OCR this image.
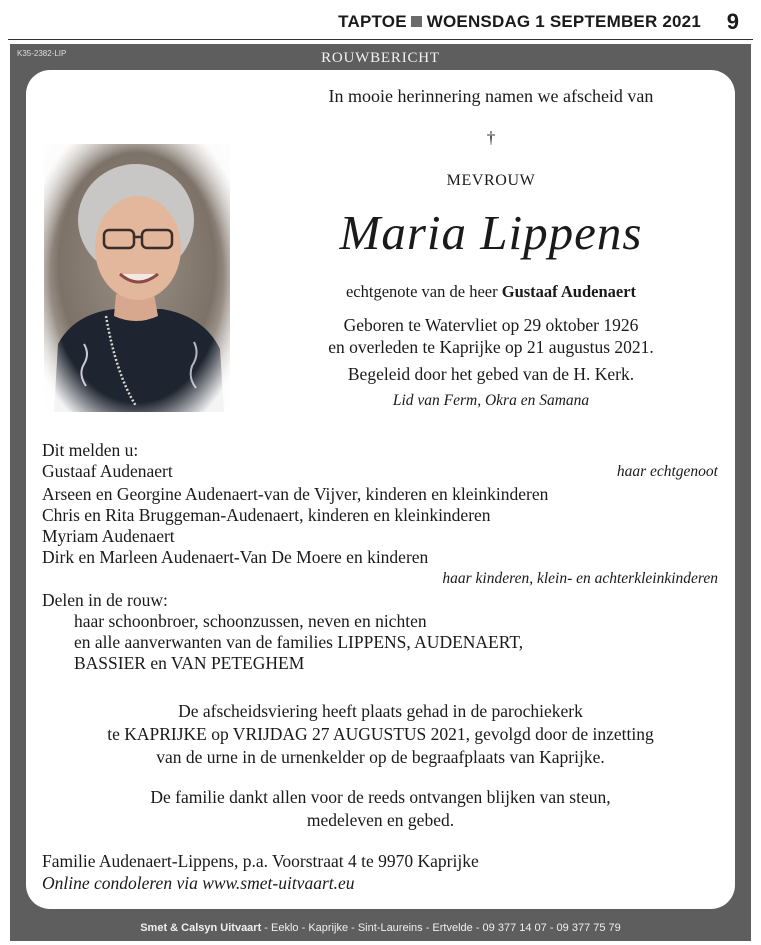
TAPTOE WOENSDAG 1 SEPTEMBER 2021 9
K35-2382-LIP	ROUWBERICHT
In mooie herinnering namen we afscheid van
†
MEVROUW
Maria Lippens
echtgenote van de heer Gustaaf Audenaert
Geboren te Watervliet op 29 oktober 1926
en overleden te Kaprijke op 21 augustus 2021.
Begeleid door het gebed van de H. Kerk.
Lid van Ferm, Okra en Samana
Dit melden u:
Gustaaf Audenaert	haar echtgenoot
Arseen en Georgine Audenaert-van de Vijver, kinderen en kleinkinderen
Chris en Rita Bruggeman-Audenaert, kinderen en kleinkinderen
Myriam Audenaert
Dirk en Marleen Audenaert-Van De Moere en kinderen
haar kinderen, klein- en achterkleinkinderen
Delen in de rouw:
haar schoonbroer, schoonzussen, neven en nichten
en alle aanverwanten van de families LIPPENS, AUDENAERT,
BASSIER en VAN PETEGHEM
De afscheidsviering heeft plaats gehad in de parochiekerk
te KAPRIJKE op VRIJDAG 27 AUGUSTUS 2021, gevolgd door de inzetting
van de urne in de urnenkelder op de begraafplaats van Kaprijke.
De familie dankt allen voor de reeds ontvangen blijken van steun,
medeleven en gebed.
Familie Audenaert-Lippens, p.a. Voorstraat 4 te 9970 Kaprijke
Online condoleren via www.smet-uitvaart.eu
Smet & Calsyn Uitvaart - Eeklo - Kaprijke - Sint-Laureins - Ertvelde - 09 377 14 07 - 09 377 75 79
